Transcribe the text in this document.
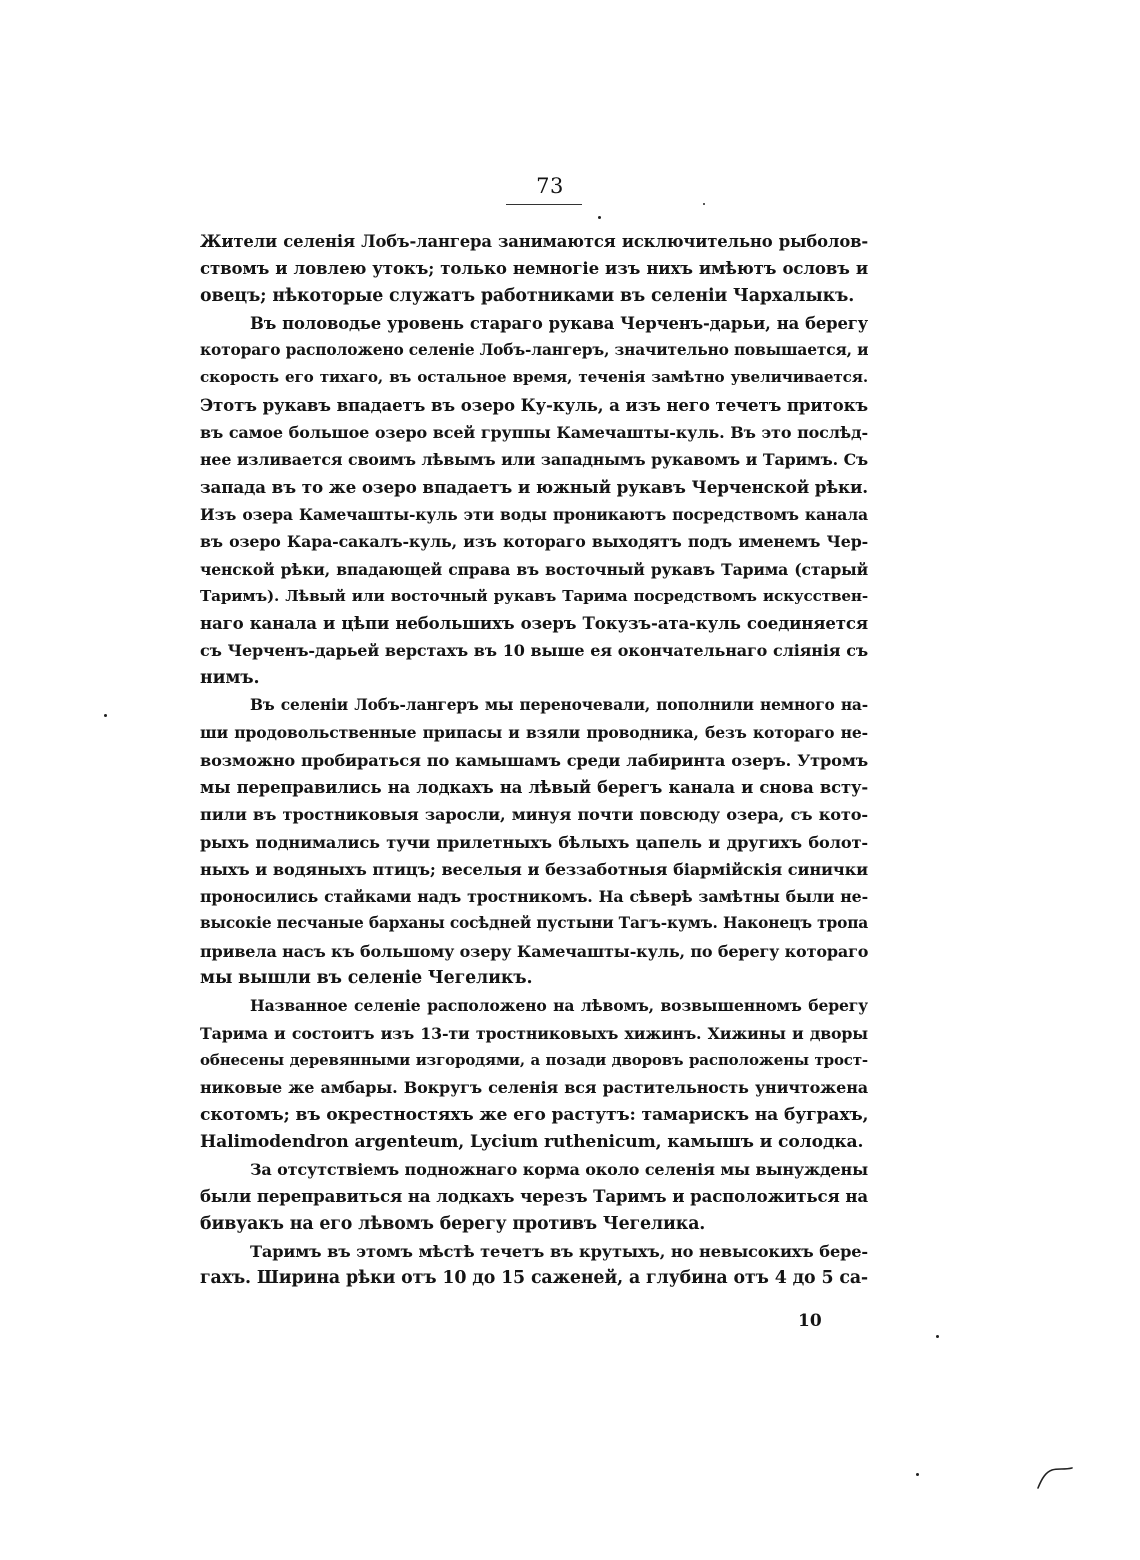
73
Жители селенія Лобъ-лангера занимаются исключительно рыболов-
ствомъ и ловлею утокъ; только немногіе изъ нихъ имѣютъ ословъ и
овецъ; нѣкоторые служатъ работниками въ селеніи Чархалыкъ.
Въ половодье уровень стараго рукава Черченъ-дарьи, на берегу
котораго расположено селеніе Лобъ-лангеръ, значительно повышается, и
скорость его тихаго, въ остальное время, теченія замѣтно увеличивается.
Этотъ рукавъ впадаетъ въ озеро Ку-куль, а изъ него течетъ притокъ
въ самое большое озеро всей группы Камечашты-куль. Въ это послѣд-
нее изливается своимъ лѣвымъ или западнымъ рукавомъ и Таримъ. Съ
запада въ то же озеро впадаетъ и южный рукавъ Черченской рѣки.
Изъ озера Камечашты-куль эти воды проникаютъ посредствомъ канала
въ озеро Кара-сакалъ-куль, изъ котораго выходятъ подъ именемъ Чер-
ченской рѣки, впадающей справа въ восточный рукавъ Тарима (старый
Таримъ). Лѣвый или восточный рукавъ Тарима посредствомъ искусствен-
наго канала и цѣпи небольшихъ озеръ Токузъ-ата-куль соединяется
съ Черченъ-дарьей верстахъ въ 10 выше ея окончательнаго слiянія съ
нимъ.
Въ селеніи Лобъ-лангеръ мы переночевали, пополнили немного на-
ши продовольственные припасы и взяли проводника, безъ котораго не-
возможно пробираться по камышамъ среди лабиринта озеръ. Утромъ
мы переправились на лодкахъ на лѣвый берегъ канала и снова всту-
пили въ тростниковыя заросли, минуя почти повсюду озера, съ кото-
рыхъ поднимались тучи прилетныхъ бѣлыхъ цапель и другихъ болот-
ныхъ и водяныхъ птицъ; веселыя и беззаботныя біармійскія синички
проносились стайками надъ тростникомъ. На сѣверѣ замѣтны были не-
высокіе песчаные барханы сосѣдней пустыни Тагъ-кумъ. Наконецъ тропа
привела насъ къ большому озеру Камечашты-куль, по берегу котораго
мы вышли въ селеніе Чегеликъ.
Названное селеніе расположено на лѣвомъ, возвышенномъ берегу
Тарима и состоитъ изъ 13-ти тростниковыхъ хижинъ. Хижины и дворы
обнесены деревянными изгородями, а позади дворовъ расположены трост-
никовые же амбары. Вокругъ селенія вся растительность уничтожена
скотомъ; въ окрестностяхъ же его растутъ: тамарискъ на буграхъ,
Halimodendron argenteum, Lycium ruthenicum, камышъ и солодка.
За отсутствіемъ подножнаго корма около селенія мы вынуждены
были переправиться на лодкахъ черезъ Таримъ и расположиться на
бивуакъ на его лѣвомъ берегу противъ Чегелика.
Таримъ въ этомъ мѣстѣ течетъ въ крутыхъ, но невысокихъ бере-
гахъ. Ширина рѣки отъ 10 до 15 саженей, а глубина отъ 4 до 5 са-
10
